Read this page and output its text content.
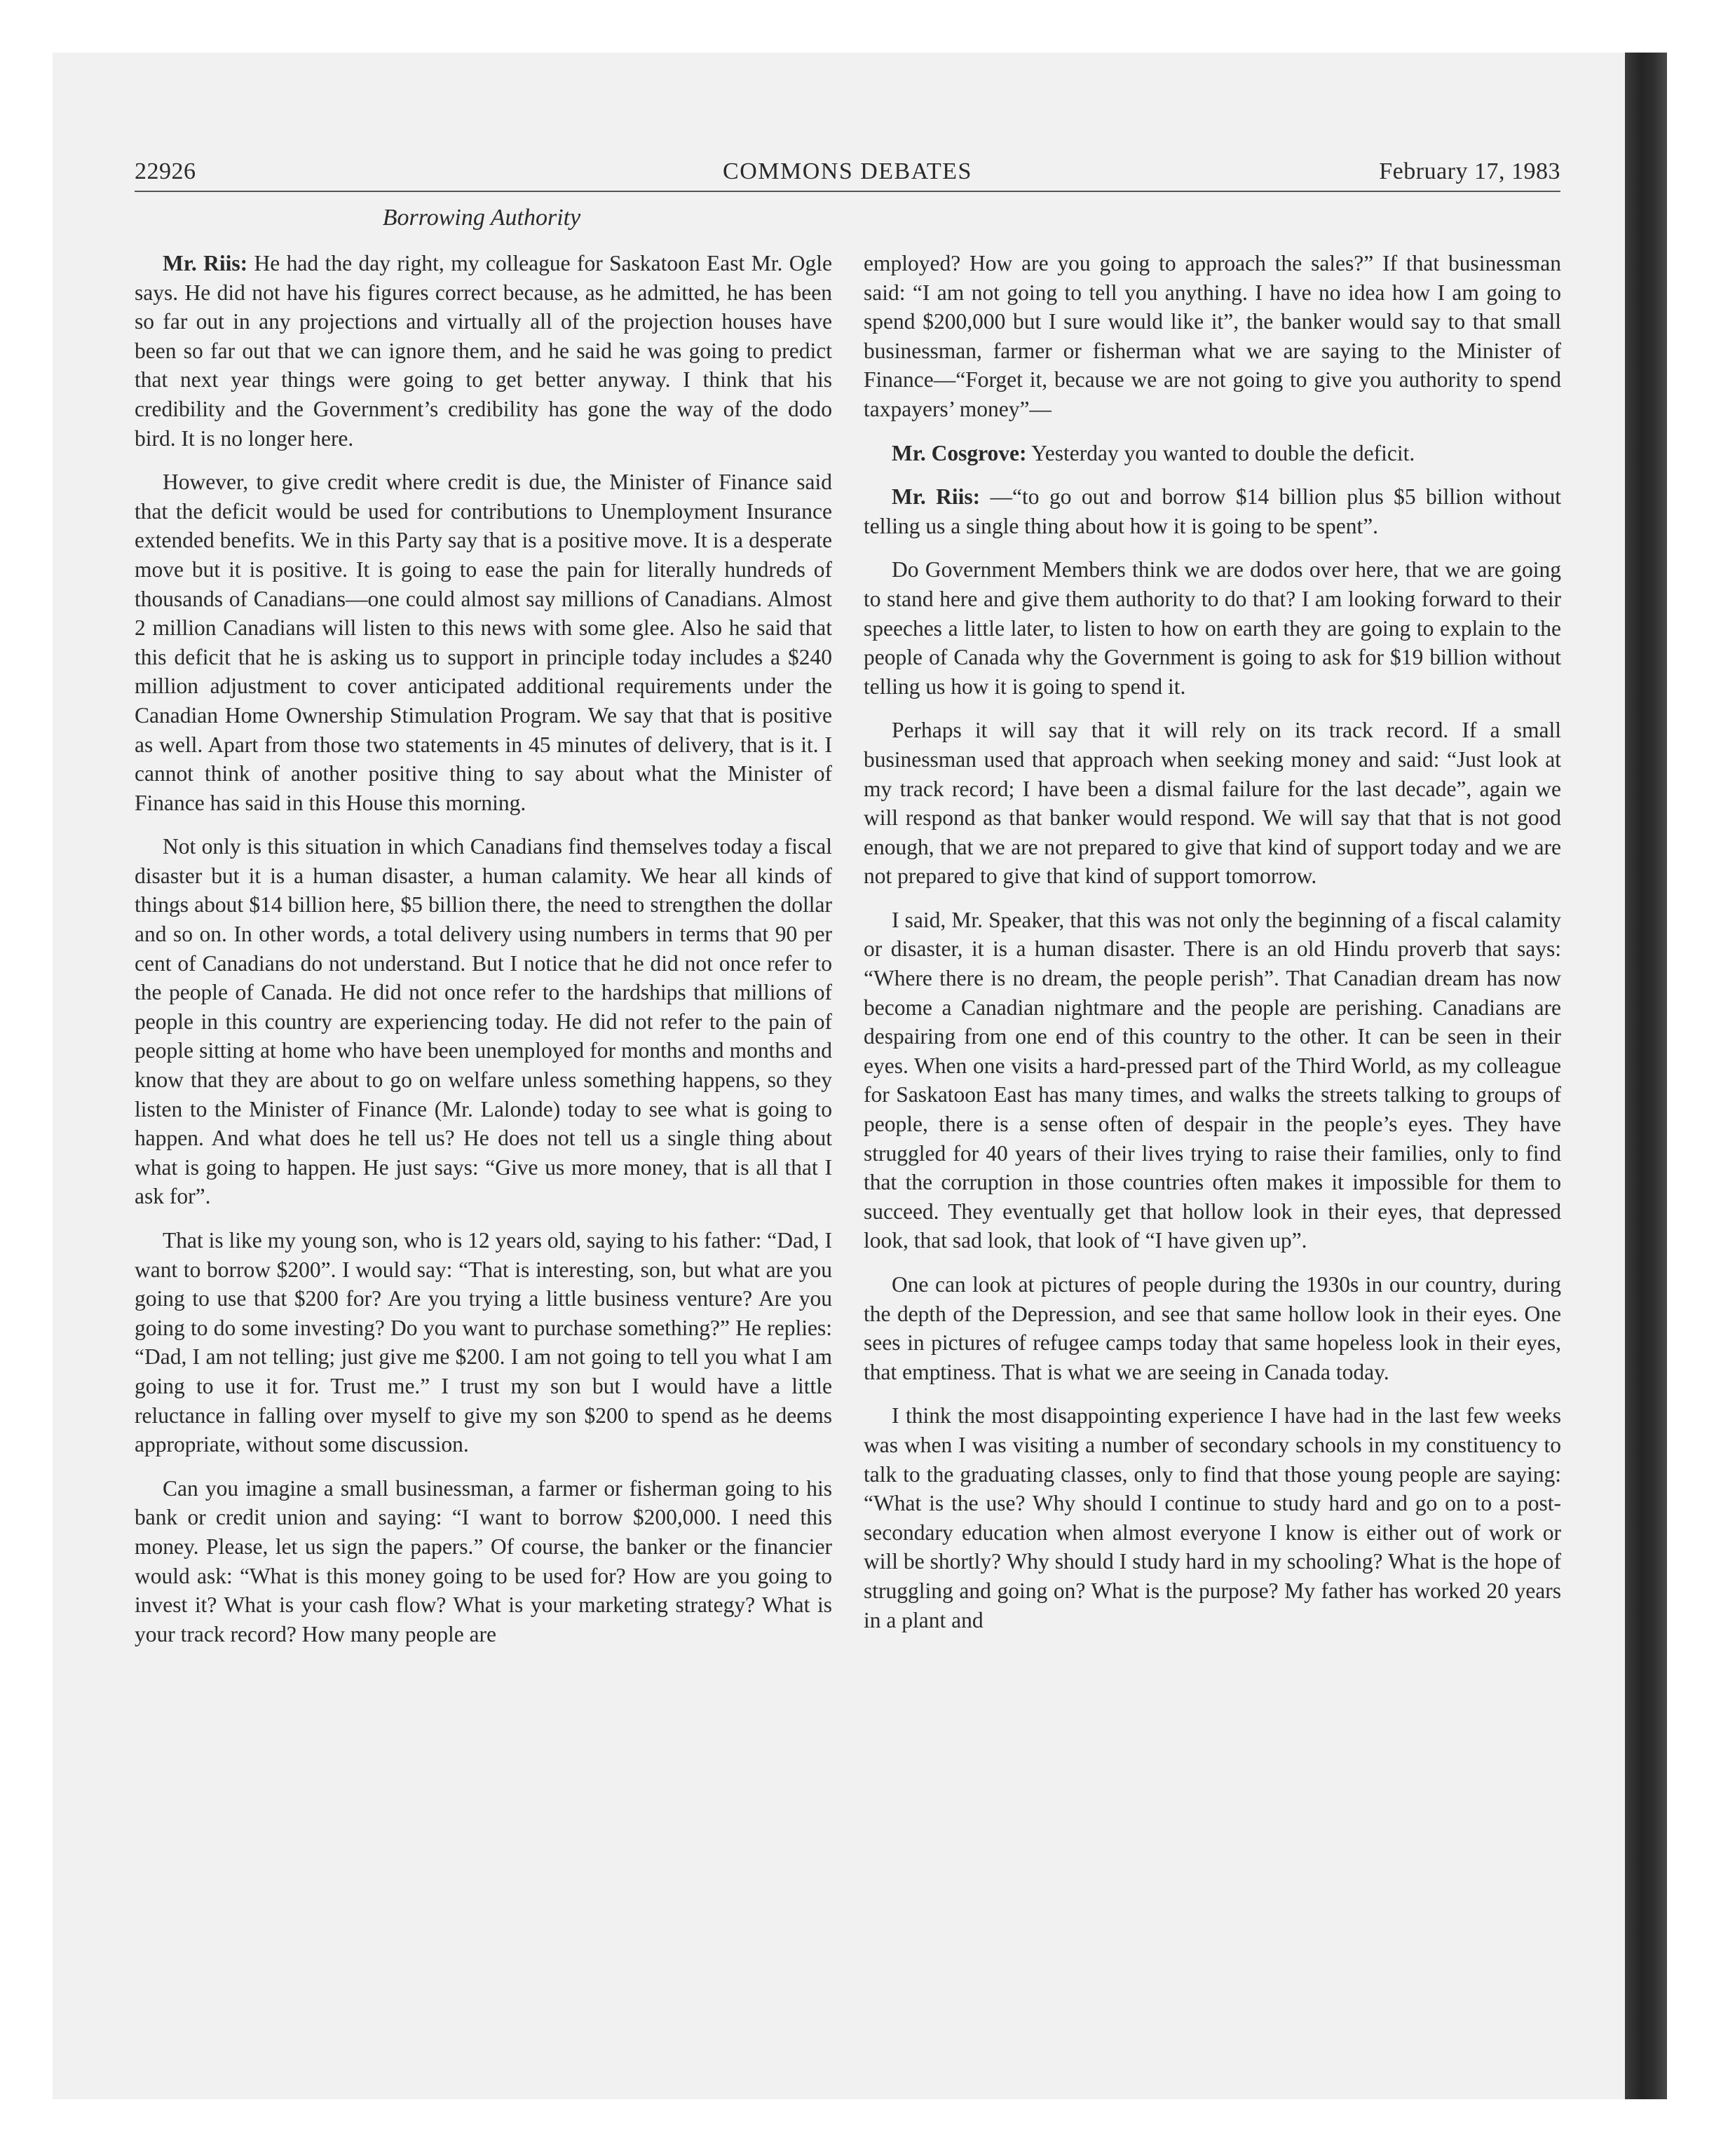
22926	COMMONS DEBATES	February 17, 1983
Borrowing Authority

Mr. Riis: He had the day right, my colleague for Saskatoon East Mr. Ogle says. He did not have his figures correct because, as he admitted, he has been so far out in any projections and virtually all of the projection houses have been so far out that we can ignore them, and he said he was going to predict that next year things were going to get better anyway. I think that his credibility and the Government’s credibility has gone the way of the dodo bird. It is no longer here.

However, to give credit where credit is due, the Minister of Finance said that the deficit would be used for contributions to Unemployment Insurance extended benefits. We in this Party say that is a positive move. It is a desperate move but it is positive. It is going to ease the pain for literally hundreds of thousands of Canadians—one could almost say millions of Canadians. Almost 2 million Canadians will listen to this news with some glee. Also he said that this deficit that he is asking us to support in principle today includes a $240 million adjustment to cover anticipated additional requirements under the Canadian Home Ownership Stimulation Program. We say that that is positive as well. Apart from those two statements in 45 minutes of delivery, that is it. I cannot think of another positive thing to say about what the Minister of Finance has said in this House this morning.

Not only is this situation in which Canadians find themselves today a fiscal disaster but it is a human disaster, a human calamity. We hear all kinds of things about $14 billion here, $5 billion there, the need to strengthen the dollar and so on. In other words, a total delivery using numbers in terms that 90 per cent of Canadians do not understand. But I notice that he did not once refer to the people of Canada. He did not once refer to the hardships that millions of people in this country are experiencing today. He did not refer to the pain of people sitting at home who have been unemployed for months and months and know that they are about to go on welfare unless something happens, so they listen to the Minister of Finance (Mr. Lalonde) today to see what is going to happen. And what does he tell us? He does not tell us a single thing about what is going to happen. He just says: “Give us more money, that is all that I ask for”.

That is like my young son, who is 12 years old, saying to his father: “Dad, I want to borrow $200”. I would say: “That is interesting, son, but what are you going to use that $200 for? Are you trying a little business venture? Are you going to do some investing? Do you want to purchase something?” He replies: “Dad, I am not telling; just give me $200. I am not going to tell you what I am going to use it for. Trust me.” I trust my son but I would have a little reluctance in falling over myself to give my son $200 to spend as he deems appropriate, without some discussion.

Can you imagine a small businessman, a farmer or fisherman going to his bank or credit union and saying: “I want to borrow $200,000. I need this money. Please, let us sign the papers.” Of course, the banker or the financier would ask: “What is this money going to be used for? How are you going to invest it? What is your cash flow? What is your marketing strategy? What is your track record? How many people are

employed? How are you going to approach the sales?” If that businessman said: “I am not going to tell you anything. I have no idea how I am going to spend $200,000 but I sure would like it”, the banker would say to that small businessman, farmer or fisherman what we are saying to the Minister of Finance—“Forget it, because we are not going to give you authority to spend taxpayers’ money”—

Mr. Cosgrove: Yesterday you wanted to double the deficit.

Mr. Riis: —“to go out and borrow $14 billion plus $5 billion without telling us a single thing about how it is going to be spent”.

Do Government Members think we are dodos over here, that we are going to stand here and give them authority to do that? I am looking forward to their speeches a little later, to listen to how on earth they are going to explain to the people of Canada why the Government is going to ask for $19 billion without telling us how it is going to spend it.

Perhaps it will say that it will rely on its track record. If a small businessman used that approach when seeking money and said: “Just look at my track record; I have been a dismal failure for the last decade”, again we will respond as that banker would respond. We will say that that is not good enough, that we are not prepared to give that kind of support today and we are not prepared to give that kind of support tomorrow.

I said, Mr. Speaker, that this was not only the beginning of a fiscal calamity or disaster, it is a human disaster. There is an old Hindu proverb that says: “Where there is no dream, the people perish”. That Canadian dream has now become a Canadian nightmare and the people are perishing. Canadians are despairing from one end of this country to the other. It can be seen in their eyes. When one visits a hard-pressed part of the Third World, as my colleague for Saskatoon East has many times, and walks the streets talking to groups of people, there is a sense often of despair in the people’s eyes. They have struggled for 40 years of their lives trying to raise their families, only to find that the corruption in those countries often makes it impossible for them to succeed. They eventually get that hollow look in their eyes, that depressed look, that sad look, that look of “I have given up”.

One can look at pictures of people during the 1930s in our country, during the depth of the Depression, and see that same hollow look in their eyes. One sees in pictures of refugee camps today that same hopeless look in their eyes, that emptiness. That is what we are seeing in Canada today.

I think the most disappointing experience I have had in the last few weeks was when I was visiting a number of secondary schools in my constituency to talk to the graduating classes, only to find that those young people are saying: “What is the use? Why should I continue to study hard and go on to a post-secondary education when almost everyone I know is either out of work or will be shortly? Why should I study hard in my schooling? What is the hope of struggling and going on? What is the purpose? My father has worked 20 years in a plant and
